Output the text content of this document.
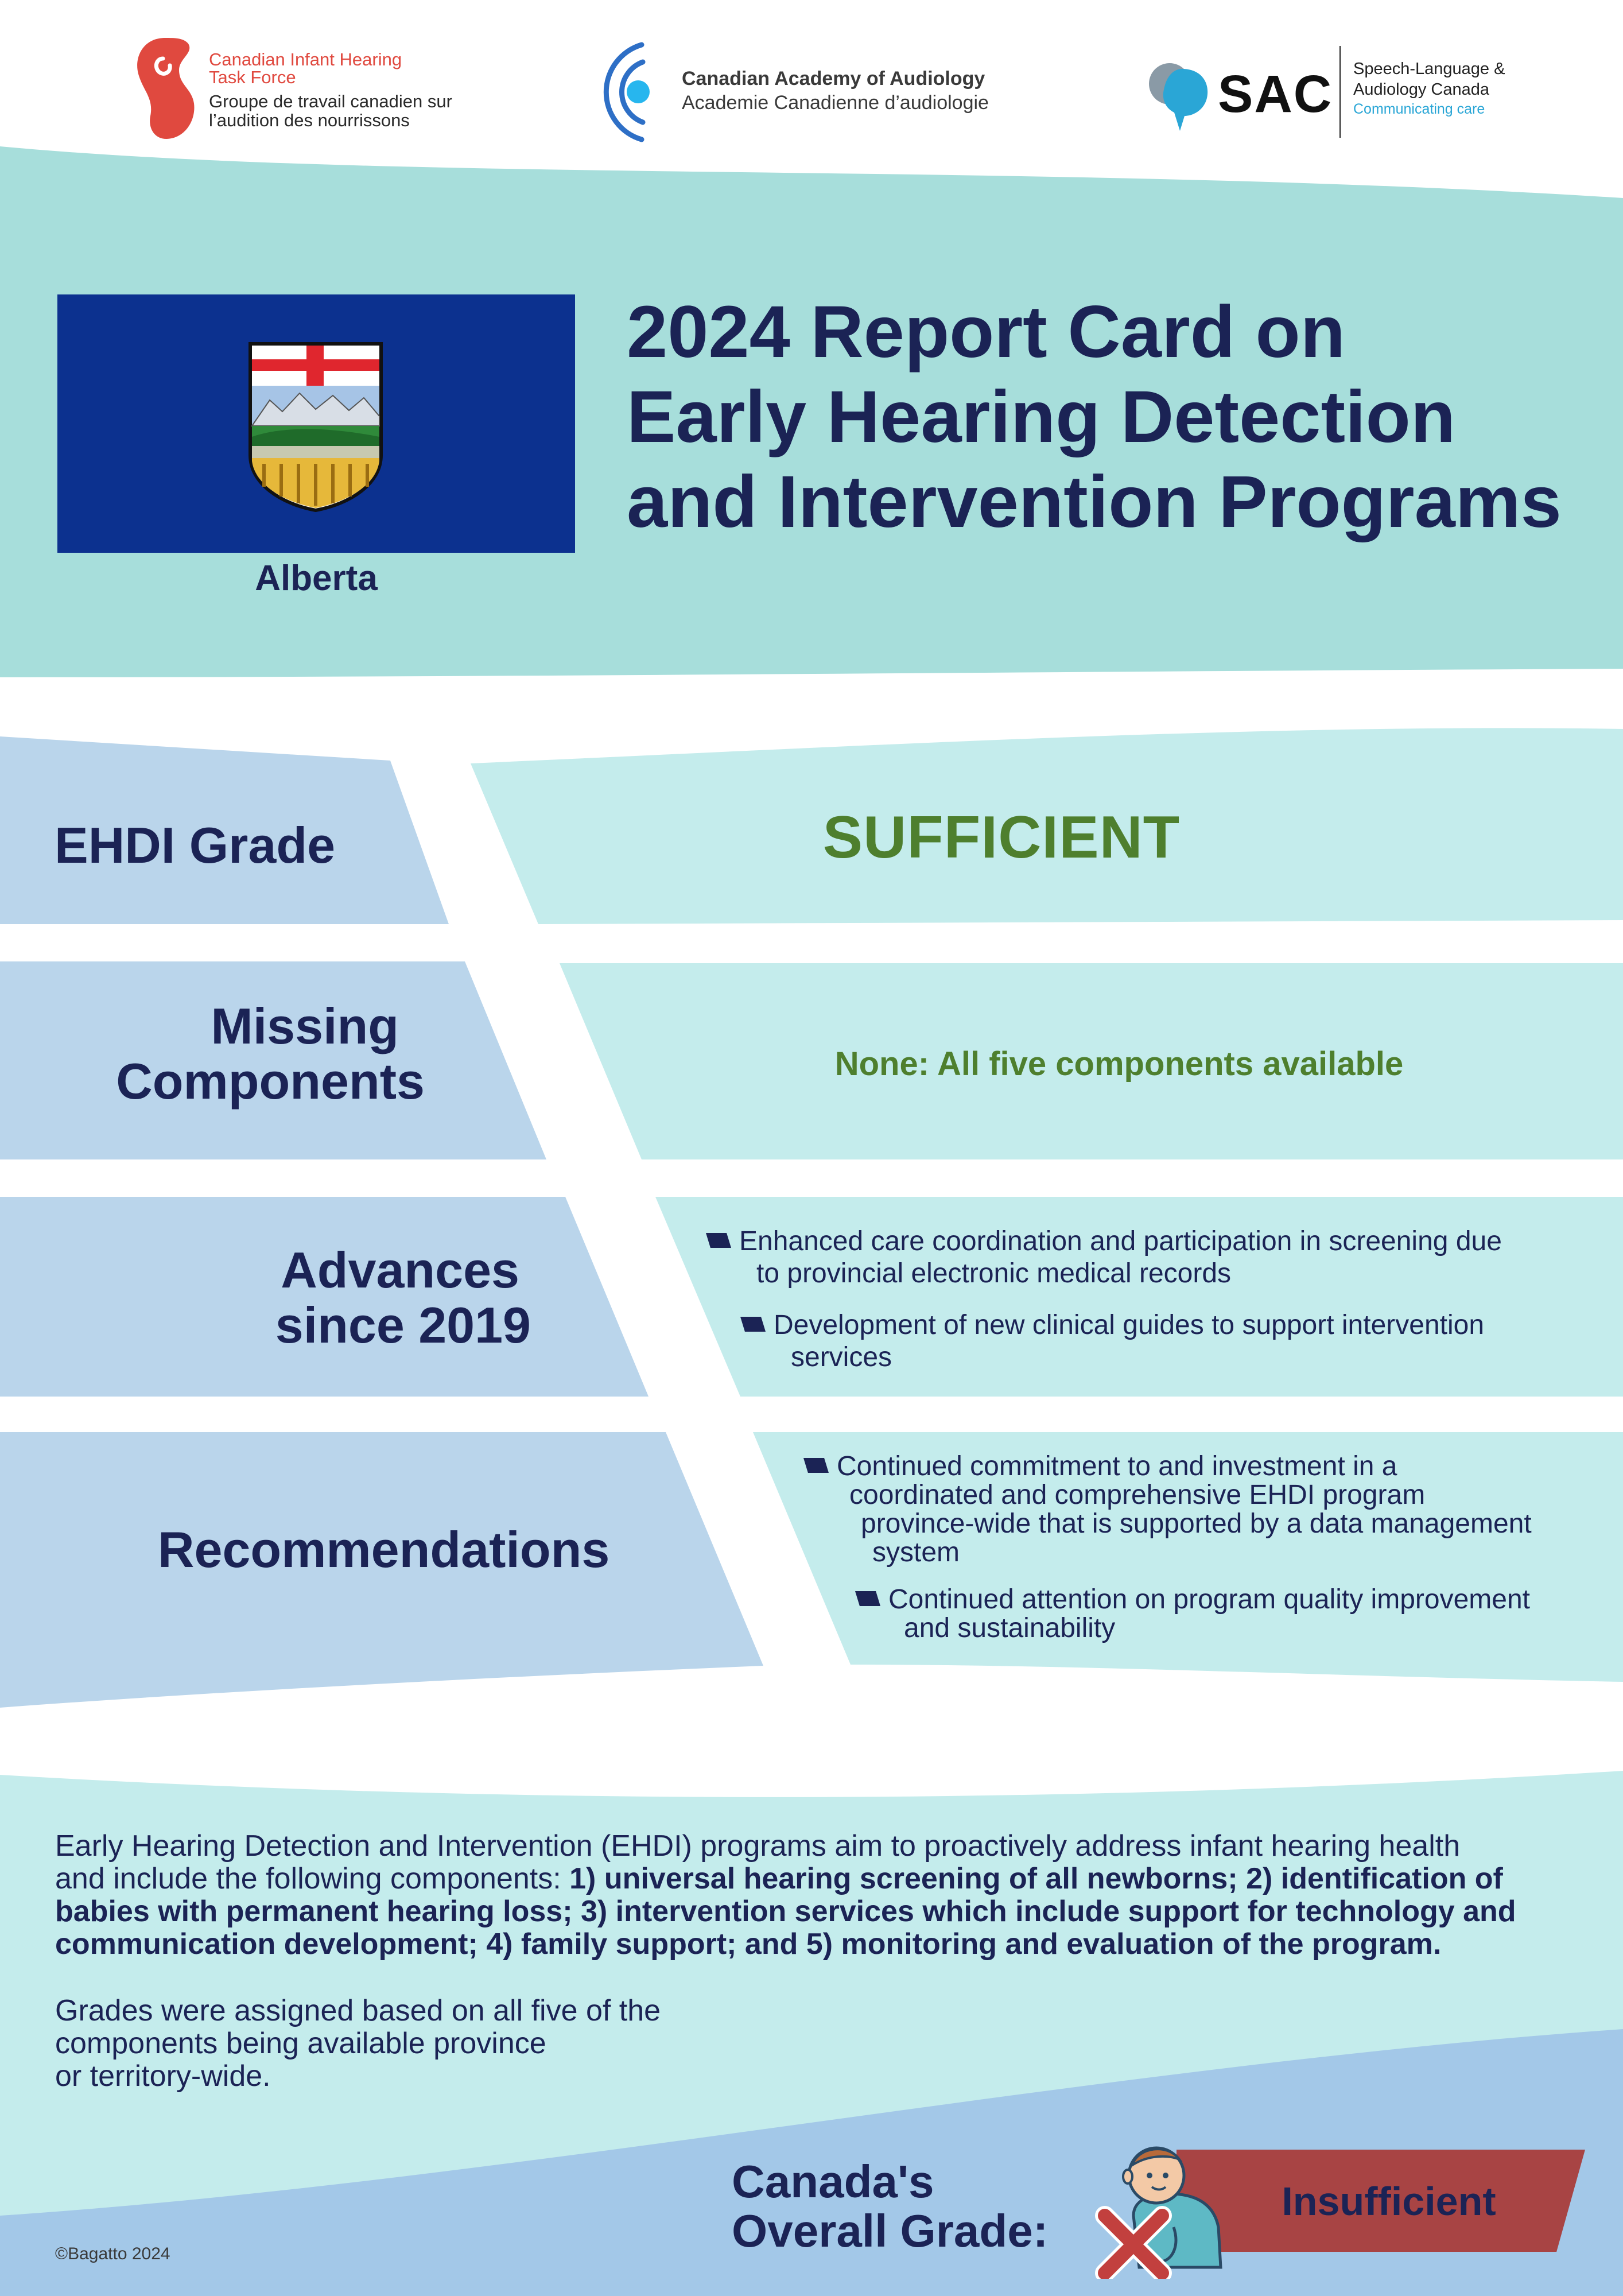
Canadian Infant Hearing
Task Force
Groupe de travail canadien sur
l’audition des nourrissons
Canadian Academy of Audiology
Academie Canadienne d’audiologie	SAC Speech-Language &
Audiology Canada
Communicating care
Alberta
2024 Report Card on
Early Hearing Detection
and Intervention Programs
EHDI Grade	SUFFICIENT
Missing
Components	None: All five components available
Advances
since 2019
Enhanced care coordination and participation in screening due
to provincial electronic medical records
Development of new clinical guides to support intervention
services
Recommendations
Continued commitment to and investment in a
coordinated and comprehensive EHDI program
province-wide that is supported by a data management
system
Continued attention on program quality improvement
and sustainability
Early Hearing Detection and Intervention (EHDI) programs aim to proactively address infant hearing health
and include the following components: 1) universal hearing screening of all newborns; 2) identification of
babies with permanent hearing loss; 3) intervention services which include support for technology and
communication development; 4) family support; and 5) monitoring and evaluation of the program.
Grades were assigned based on all five of the
components being available province
or territory-wide.
Canada's
Overall Grade:
Insufficient
©Bagatto 2024
